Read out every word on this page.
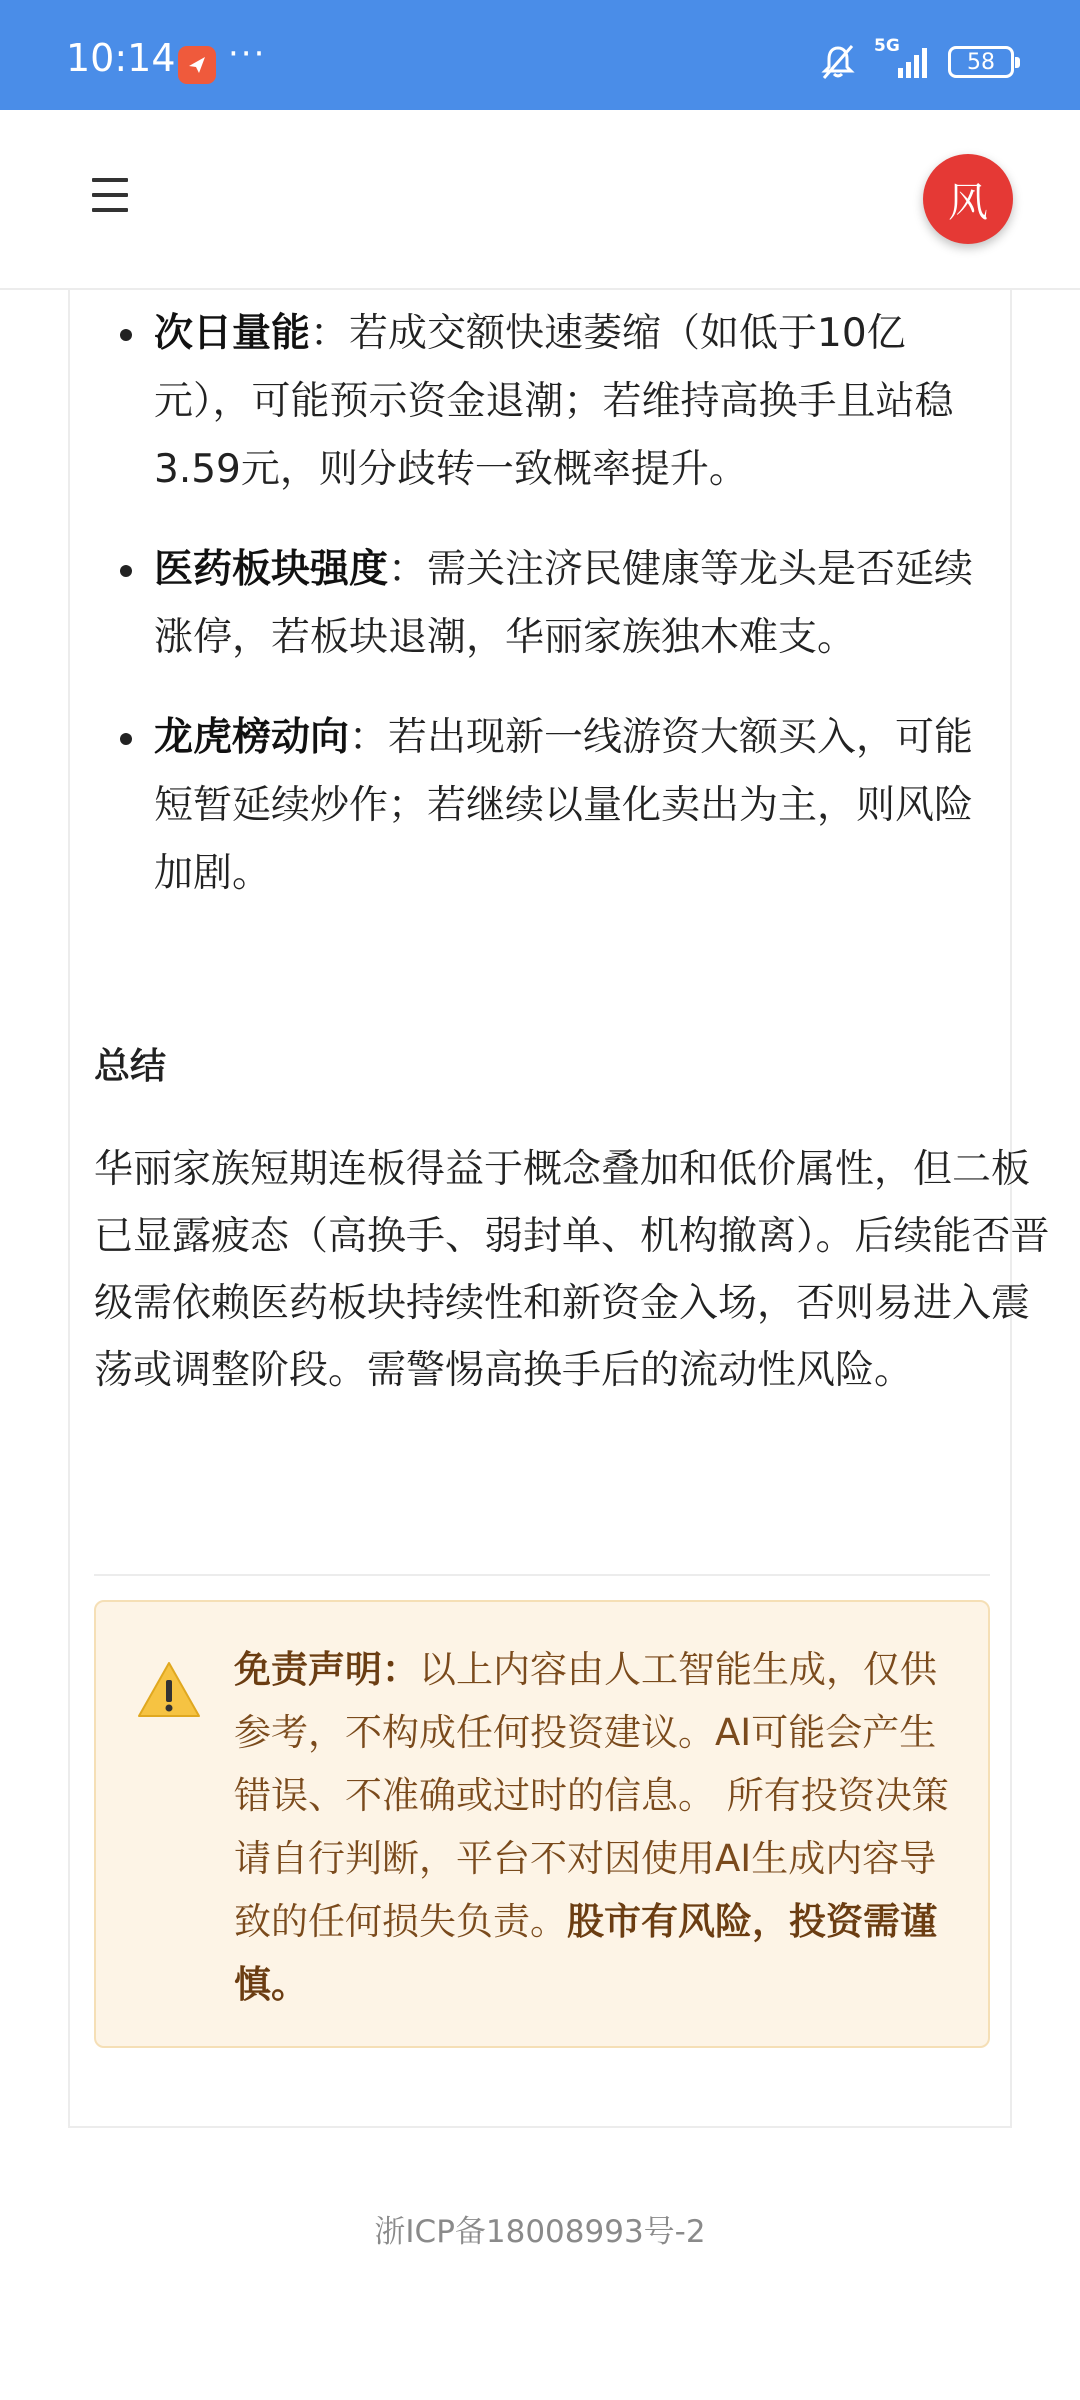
10:14 ···	5G
58
风
次日量能：若成交额快速萎缩（如低于10亿元），可能预示资金退潮；若维持高换手且站稳3.59元，则分歧转一致概率提升。
医药板块强度：需关注济民健康等龙头是否延续涨停，若板块退潮，华丽家族独木难支。
龙虎榜动向：若出现新一线游资大额买入，可能短暂延续炒作；若继续以量化卖出为主，则风险加剧。
总结
华丽家族短期连板得益于概念叠加和低价属性，但二板已显露疲态（高换手、弱封单、机构撤离）。后续能否晋级需依赖医药板块持续性和新资金入场，否则易进入震荡或调整阶段。需警惕高换手后的流动性风险。
免责声明：以上内容由人工智能生成，仅供参考，不构成任何投资建议。AI可能会产生错误、不准确或过时的信息。 所有投资决策请自行判断，平台不对因使用AI生成内容导致的任何损失负责。股市有风险，投资需谨慎。
浙ICP备18008993号-2
